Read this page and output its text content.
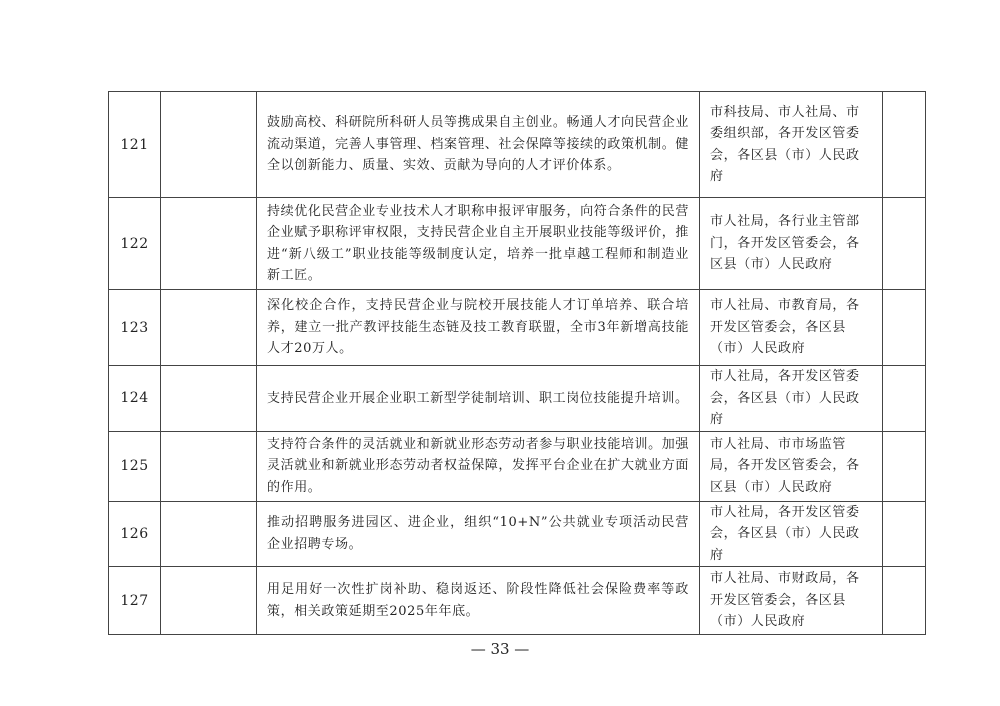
121		鼓励高校、科研院所科研人员等携成果自主创业。畅通人才向民营企业流动渠道，完善人事管理、档案管理、社会保障等接续的政策机制。健全以创新能力、质量、实效、贡献为导向的人才评价体系。	市科技局、市人社局、市委组织部，各开发区管委会，各区县（市）人民政府	
122		持续优化民营企业专业技术人才职称申报评审服务，向符合条件的民营企业赋予职称评审权限，支持民营企业自主开展职业技能等级评价，推进“新八级工”职业技能等级制度认定，培养一批卓越工程师和制造业新工匠。	市人社局，各行业主管部门，各开发区管委会，各区县（市）人民政府	
123		深化校企合作，支持民营企业与院校开展技能人才订单培养、联合培养，建立一批产教评技能生态链及技工教育联盟，全市3年新增高技能人才20万人。	市人社局、市教育局，各开发区管委会，各区县（市）人民政府	
124		支持民营企业开展企业职工新型学徒制培训、职工岗位技能提升培训。	市人社局，各开发区管委会，各区县（市）人民政府	
125		支持符合条件的灵活就业和新就业形态劳动者参与职业技能培训。加强灵活就业和新就业形态劳动者权益保障，发挥平台企业在扩大就业方面的作用。	市人社局、市市场监管局，各开发区管委会，各区县（市）人民政府	
126		推动招聘服务进园区、进企业，组织“10+N”公共就业专项活动民营企业招聘专场。	市人社局，各开发区管委会，各区县（市）人民政府	
127		用足用好一次性扩岗补助、稳岗返还、阶段性降低社会保险费率等政策，相关政策延期至2025年年底。	市人社局、市财政局，各开发区管委会，各区县（市）人民政府	
— 33 —
